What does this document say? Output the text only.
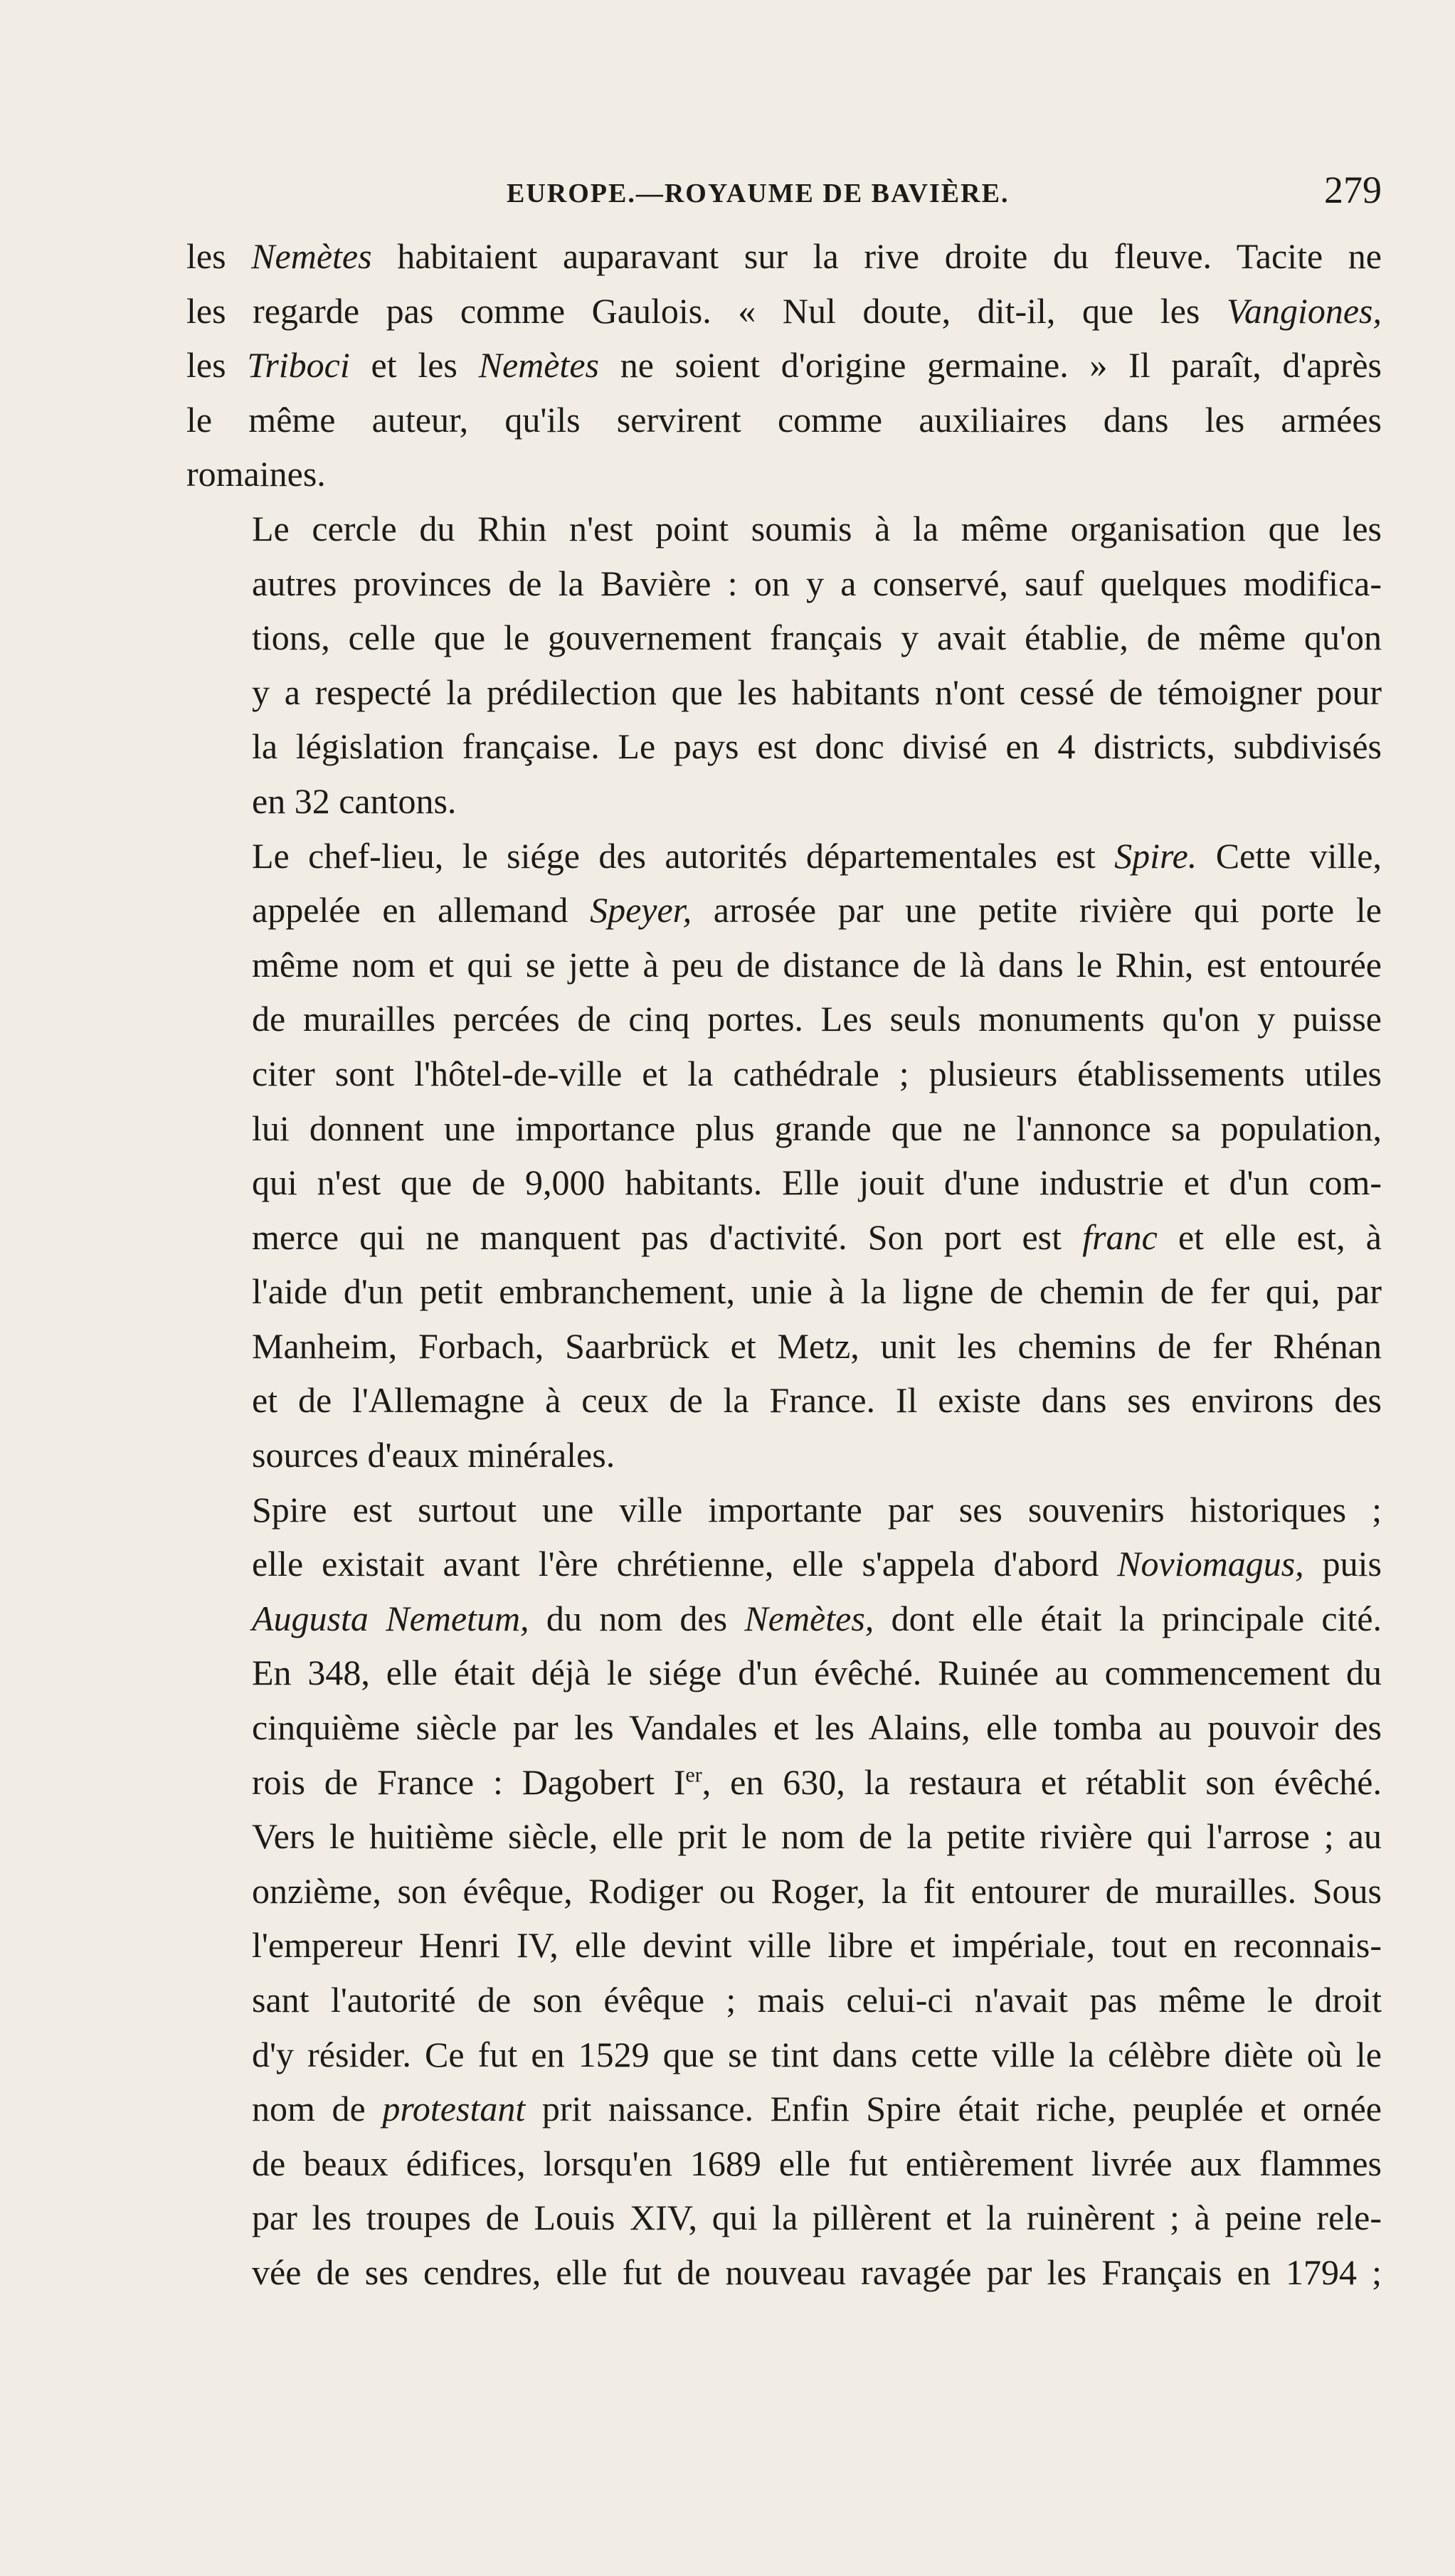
EUROPE.—ROYAUME DE BAVIÈRE.	279

les Nemètes habitaient auparavant sur la rive droite du fleuve. Tacite ne
les regarde pas comme Gaulois. « Nul doute, dit-il, que les Vangiones,
les Triboci et les Nemètes ne soient d'origine germaine. » Il paraît, d'après
le même auteur, qu'ils servirent comme auxiliaires dans les armées
romaines.

Le cercle du Rhin n'est point soumis à la même organisation que les
autres provinces de la Bavière : on y a conservé, sauf quelques modifica-
tions, celle que le gouvernement français y avait établie, de même qu'on
y a respecté la prédilection que les habitants n'ont cessé de témoigner pour
la législation française. Le pays est donc divisé en 4 districts, subdivisés
en 32 cantons.

Le chef-lieu, le siége des autorités départementales est Spire. Cette ville,
appelée en allemand Speyer, arrosée par une petite rivière qui porte le
même nom et qui se jette à peu de distance de là dans le Rhin, est entourée
de murailles percées de cinq portes. Les seuls monuments qu'on y puisse
citer sont l'hôtel-de-ville et la cathédrale ; plusieurs établissements utiles
lui donnent une importance plus grande que ne l'annonce sa population,
qui n'est que de 9,000 habitants. Elle jouit d'une industrie et d'un com-
merce qui ne manquent pas d'activité. Son port est franc et elle est, à
l'aide d'un petit embranchement, unie à la ligne de chemin de fer qui, par
Manheim, Forbach, Saarbrück et Metz, unit les chemins de fer Rhénan
et de l'Allemagne à ceux de la France. Il existe dans ses environs des
sources d'eaux minérales.

Spire est surtout une ville importante par ses souvenirs historiques ;
elle existait avant l'ère chrétienne, elle s'appela d'abord Noviomagus, puis
Augusta Nemetum, du nom des Nemètes, dont elle était la principale cité.
En 348, elle était déjà le siége d'un évêché. Ruinée au commencement du
cinquième siècle par les Vandales et les Alains, elle tomba au pouvoir des
rois de France : Dagobert Ier, en 630, la restaura et rétablit son évêché.
Vers le huitième siècle, elle prit le nom de la petite rivière qui l'arrose ; au
onzième, son évêque, Rodiger ou Roger, la fit entourer de murailles. Sous
l'empereur Henri IV, elle devint ville libre et impériale, tout en reconnais-
sant l'autorité de son évêque ; mais celui-ci n'avait pas même le droit
d'y résider. Ce fut en 1529 que se tint dans cette ville la célèbre diète où le
nom de protestant prit naissance. Enfin Spire était riche, peuplée et ornée
de beaux édifices, lorsqu'en 1689 elle fut entièrement livrée aux flammes
par les troupes de Louis XIV, qui la pillèrent et la ruinèrent ; à peine rele-
vée de ses cendres, elle fut de nouveau ravagée par les Français en 1794 ;
